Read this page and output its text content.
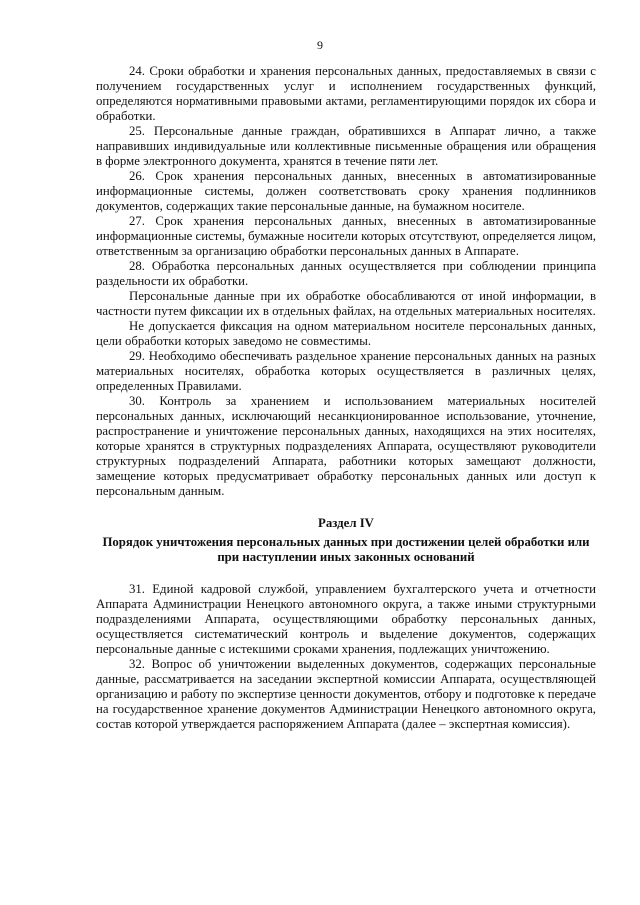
9

24. Сроки обработки и хранения персональных данных, предоставляемых в связи с получением государственных услуг и исполнением государственных функций, определяются нормативными правовыми актами, регламентирующими порядок их сбора и обработки.

25. Персональные данные граждан, обратившихся в Аппарат лично, а также направивших индивидуальные или коллективные письменные обращения или обращения в форме электронного документа, хранятся в течение пяти лет.

26. Срок хранения персональных данных, внесенных в автоматизированные информационные системы, должен соответствовать сроку хранения подлинников документов, содержащих такие персональные данные, на бумажном носителе.

27. Срок хранения персональных данных, внесенных в автоматизированные информационные системы, бумажные носители которых отсутствуют, определяется лицом, ответственным за организацию обработки персональных данных в Аппарате.

28. Обработка персональных данных осуществляется при соблюдении принципа раздельности их обработки.

Персональные данные при их обработке обосабливаются от иной информации, в частности путем фиксации их в отдельных файлах, на отдельных материальных носителях.

Не допускается фиксация на одном материальном носителе персональных данных, цели обработки которых заведомо не совместимы.

29. Необходимо обеспечивать раздельное хранение персональных данных на разных материальных носителях, обработка которых осуществляется в различных целях, определенных Правилами.

30. Контроль за хранением и использованием материальных носителей персональных данных, исключающий несанкционированное использование, уточнение, распространение и уничтожение персональных данных, находящихся на этих носителях, которые хранятся в структурных подразделениях Аппарата, осуществляют руководители структурных подразделений Аппарата, работники которых замещают должности, замещение которых предусматривает обработку персональных данных или доступ к персональным данным.

Раздел IV
Порядок уничтожения персональных данных при достижении целей обработки или при наступлении иных законных оснований

31. Единой кадровой службой, управлением бухгалтерского учета и отчетности Аппарата Администрации Ненецкого автономного округа, а также иными структурными подразделениями Аппарата, осуществляющими обработку персональных данных, осуществляется систематический контроль и выделение документов, содержащих персональные данные с истекшими сроками хранения, подлежащих уничтожению.

32. Вопрос об уничтожении выделенных документов, содержащих персональные данные, рассматривается на заседании экспертной комиссии Аппарата, осуществляющей организацию и работу по экспертизе ценности документов, отбору и подготовке к передаче на государственное хранение документов Администрации Ненецкого автономного округа, состав которой утверждается распоряжением Аппарата (далее – экспертная комиссия).
